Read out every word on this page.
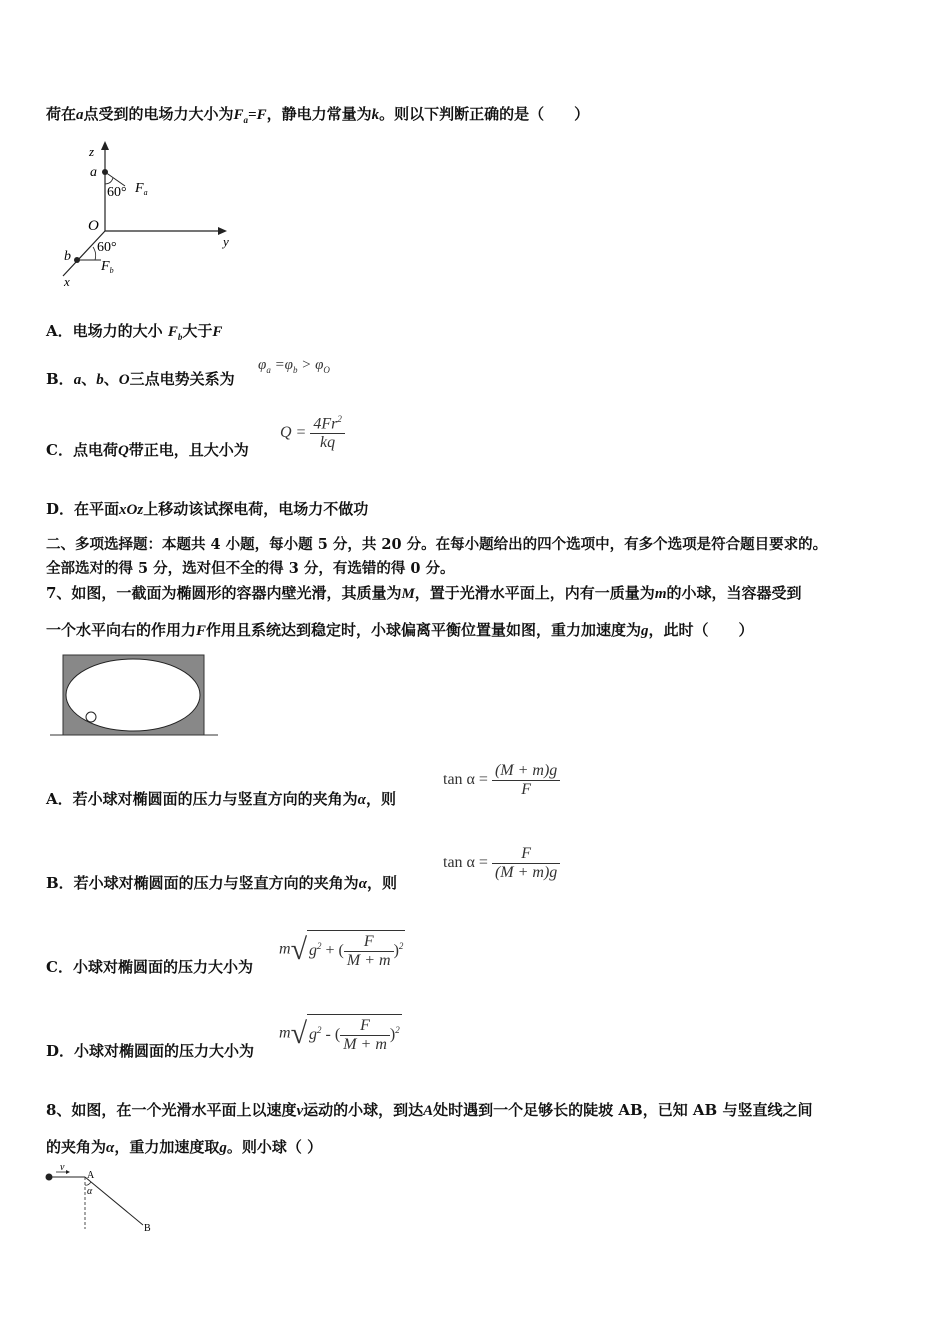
荷在a点受到的电场力大小为$F_a=F$，静电力常量为k。则以下判断正确的是（　　）
z
a
60° $F_a$
O
y
60°
b
$F_b$
x
A．电场力的大小 $F_b$大于F
B．a、b、O三点电势关系为
$\varphi_a =\varphi_b > \varphi_O$
C．点电荷Q带正电，且大小为
$Q = \frac{4Fr^2}{kq}$
D．在平面xOz上移动该试探电荷，电场力不做功
二、多项选择题：本题共 4 小题，每小题 5 分，共 20 分。在每小题给出的四个选项中，有多个选项是符合题目要求的。
全部选对的得 5 分，选对但不全的得 3 分，有选错的得 0 分。
7、如图，一截面为椭圆形的容器内壁光滑，其质量为M，置于光滑水平面上，内有一质量为m的小球，当容器受到
一个水平向右的作用力F作用且系统达到稳定时，小球偏离平衡位置量如图，重力加速度为g，此时（　　）
A．若小球对椭圆面的压力与竖直方向的夹角为α，则
$\tan \alpha = \frac{(M + m)g}{F}$
B．若小球对椭圆面的压力与竖直方向的夹角为α，则
$\tan \alpha = \frac{F}{(M + m)g}$
C．小球对椭圆面的压力大小为
m√ $g^2$ + ( $\frac{F}{M + m} )^2$
D．小球对椭圆面的压力大小为
m√ $g^2$ - ( $\frac{F}{M + m} )^2$
8、如图，在一个光滑水平面上以速度v运动的小球，到达A处时遇到一个足够长的陡坡 AB，已知 AB 与竖直线之间
的夹角为α，重力加速度取g。则小球（ ）
v
A
α
B
